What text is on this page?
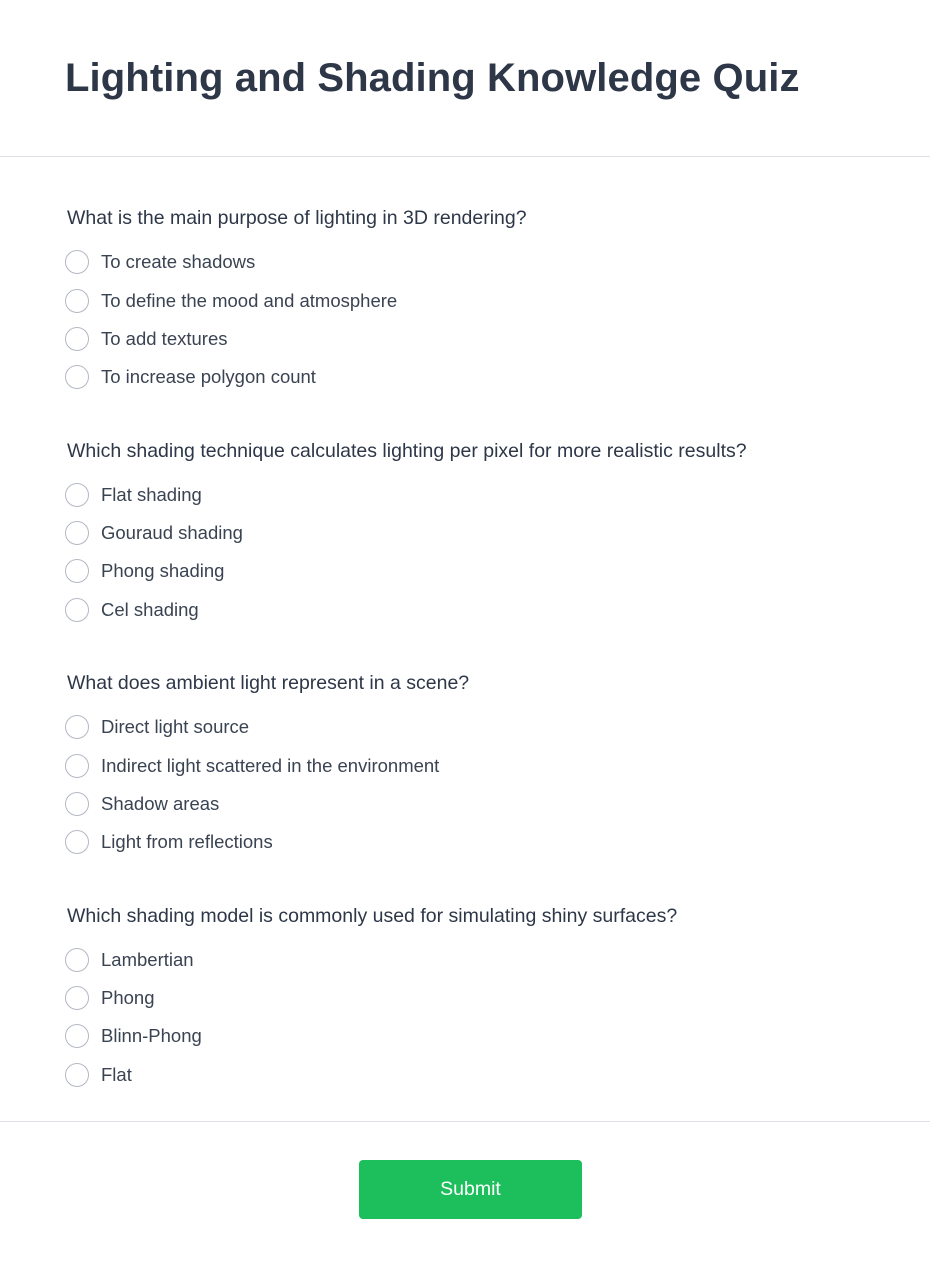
Lighting and Shading Knowledge Quiz
What is the main purpose of lighting in 3D rendering?
To create shadows
To define the mood and atmosphere
To add textures
To increase polygon count
Which shading technique calculates lighting per pixel for more realistic results?
Flat shading
Gouraud shading
Phong shading
Cel shading
What does ambient light represent in a scene?
Direct light source
Indirect light scattered in the environment
Shadow areas
Light from reflections
Which shading model is commonly used for simulating shiny surfaces?
Lambertian
Phong
Blinn-Phong
Flat
Submit
